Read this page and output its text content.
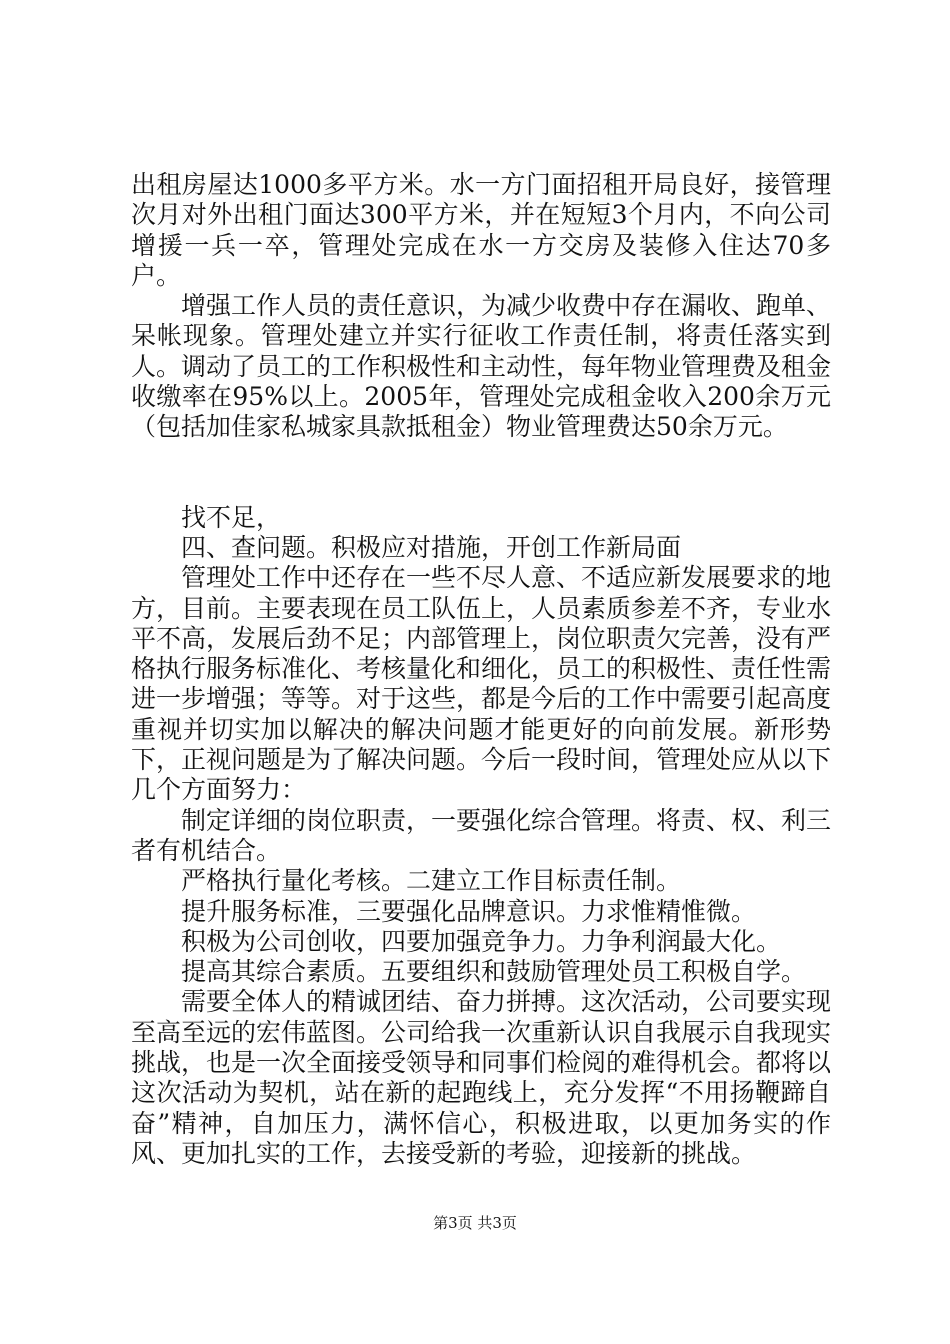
出租房屋达1000多平方米。水一方门面招租开局良好，接管理次月对外出租门面达300平方米，并在短短3个月内，不向公司增援一兵一卒，管理处完成在水一方交房及装修入住达70多户。

增强工作人员的责任意识，为减少收费中存在漏收、跑单、呆帐现象。管理处建立并实行征收工作责任制，将责任落实到人。调动了员工的工作积极性和主动性，每年物业管理费及租金收缴率在95%以上。2005年，管理处完成租金收入200余万元（包括加佳家私城家具款抵租金）物业管理费达50余万元。

找不足，

四、查问题。积极应对措施，开创工作新局面

管理处工作中还存在一些不尽人意、不适应新发展要求的地方，目前。主要表现在员工队伍上，人员素质参差不齐，专业水平不高，发展后劲不足；内部管理上，岗位职责欠完善，没有严格执行服务标准化、考核量化和细化，员工的积极性、责任性需进一步增强；等等。对于这些，都是今后的工作中需要引起高度重视并切实加以解决的解决问题才能更好的向前发展。新形势下，正视问题是为了解决问题。今后一段时间，管理处应从以下几个方面努力：

制定详细的岗位职责，一要强化综合管理。将责、权、利三者有机结合。

严格执行量化考核。二建立工作目标责任制。

提升服务标准，三要强化品牌意识。力求惟精惟微。

积极为公司创收，四要加强竞争力。力争利润最大化。

提高其综合素质。五要组织和鼓励管理处员工积极自学。

需要全体人的精诚团结、奋力拼搏。这次活动，公司要实现至高至远的宏伟蓝图。公司给我一次重新认识自我展示自我现实挑战，也是一次全面接受领导和同事们检阅的难得机会。都将以这次活动为契机，站在新的起跑线上，充分发挥“不用扬鞭蹄自奋”精神，自加压力，满怀信心，积极进取，以更加务实的作风、更加扎实的工作，去接受新的考验，迎接新的挑战。

第3页 共3页
